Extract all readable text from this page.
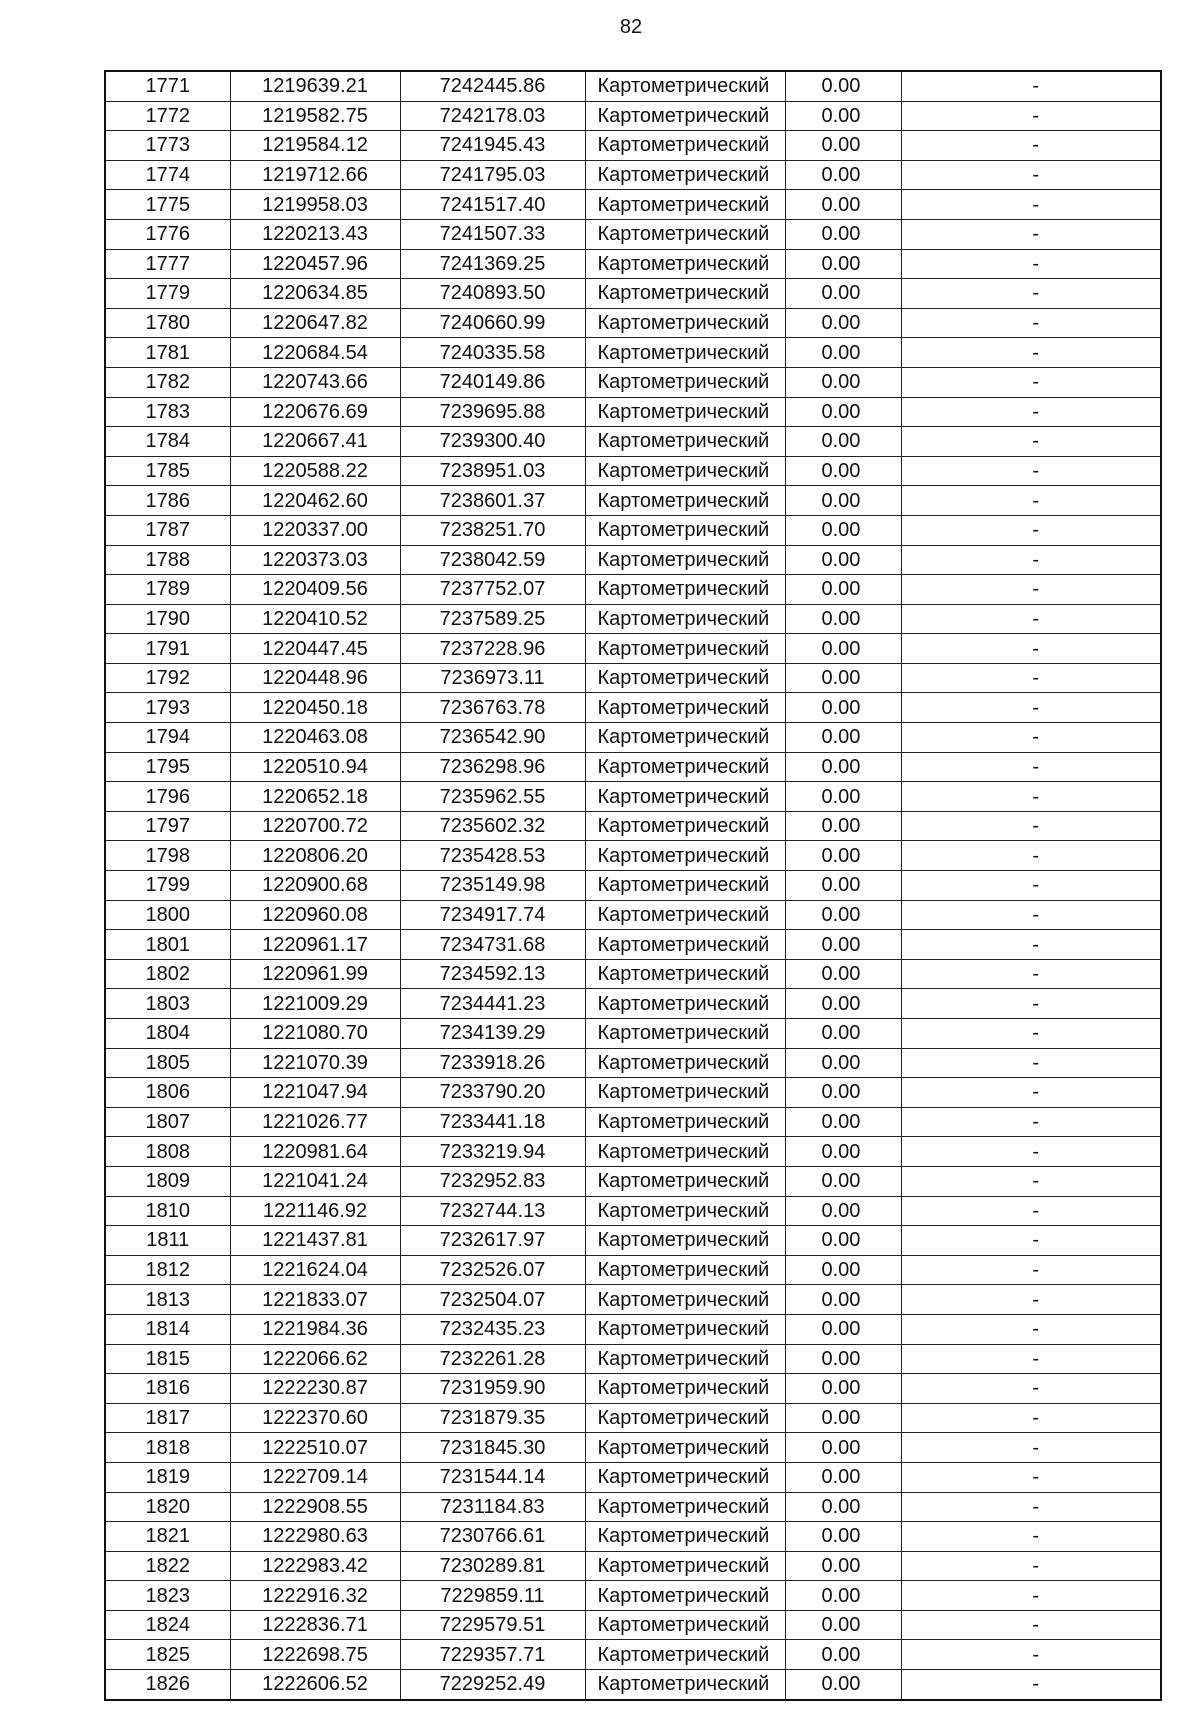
82
1771	1219639.21	7242445.86	Картометрический	0.00	-
1772	1219582.75	7242178.03	Картометрический	0.00	-
1773	1219584.12	7241945.43	Картометрический	0.00	-
1774	1219712.66	7241795.03	Картометрический	0.00	-
1775	1219958.03	7241517.40	Картометрический	0.00	-
1776	1220213.43	7241507.33	Картометрический	0.00	-
1777	1220457.96	7241369.25	Картометрический	0.00	-
1779	1220634.85	7240893.50	Картометрический	0.00	-
1780	1220647.82	7240660.99	Картометрический	0.00	-
1781	1220684.54	7240335.58	Картометрический	0.00	-
1782	1220743.66	7240149.86	Картометрический	0.00	-
1783	1220676.69	7239695.88	Картометрический	0.00	-
1784	1220667.41	7239300.40	Картометрический	0.00	-
1785	1220588.22	7238951.03	Картометрический	0.00	-
1786	1220462.60	7238601.37	Картометрический	0.00	-
1787	1220337.00	7238251.70	Картометрический	0.00	-
1788	1220373.03	7238042.59	Картометрический	0.00	-
1789	1220409.56	7237752.07	Картометрический	0.00	-
1790	1220410.52	7237589.25	Картометрический	0.00	-
1791	1220447.45	7237228.96	Картометрический	0.00	-
1792	1220448.96	7236973.11	Картометрический	0.00	-
1793	1220450.18	7236763.78	Картометрический	0.00	-
1794	1220463.08	7236542.90	Картометрический	0.00	-
1795	1220510.94	7236298.96	Картометрический	0.00	-
1796	1220652.18	7235962.55	Картометрический	0.00	-
1797	1220700.72	7235602.32	Картометрический	0.00	-
1798	1220806.20	7235428.53	Картометрический	0.00	-
1799	1220900.68	7235149.98	Картометрический	0.00	-
1800	1220960.08	7234917.74	Картометрический	0.00	-
1801	1220961.17	7234731.68	Картометрический	0.00	-
1802	1220961.99	7234592.13	Картометрический	0.00	-
1803	1221009.29	7234441.23	Картометрический	0.00	-
1804	1221080.70	7234139.29	Картометрический	0.00	-
1805	1221070.39	7233918.26	Картометрический	0.00	-
1806	1221047.94	7233790.20	Картометрический	0.00	-
1807	1221026.77	7233441.18	Картометрический	0.00	-
1808	1220981.64	7233219.94	Картометрический	0.00	-
1809	1221041.24	7232952.83	Картометрический	0.00	-
1810	1221146.92	7232744.13	Картометрический	0.00	-
1811	1221437.81	7232617.97	Картометрический	0.00	-
1812	1221624.04	7232526.07	Картометрический	0.00	-
1813	1221833.07	7232504.07	Картометрический	0.00	-
1814	1221984.36	7232435.23	Картометрический	0.00	-
1815	1222066.62	7232261.28	Картометрический	0.00	-
1816	1222230.87	7231959.90	Картометрический	0.00	-
1817	1222370.60	7231879.35	Картометрический	0.00	-
1818	1222510.07	7231845.30	Картометрический	0.00	-
1819	1222709.14	7231544.14	Картометрический	0.00	-
1820	1222908.55	7231184.83	Картометрический	0.00	-
1821	1222980.63	7230766.61	Картометрический	0.00	-
1822	1222983.42	7230289.81	Картометрический	0.00	-
1823	1222916.32	7229859.11	Картометрический	0.00	-
1824	1222836.71	7229579.51	Картометрический	0.00	-
1825	1222698.75	7229357.71	Картометрический	0.00	-
1826	1222606.52	7229252.49	Картометрический	0.00	-
